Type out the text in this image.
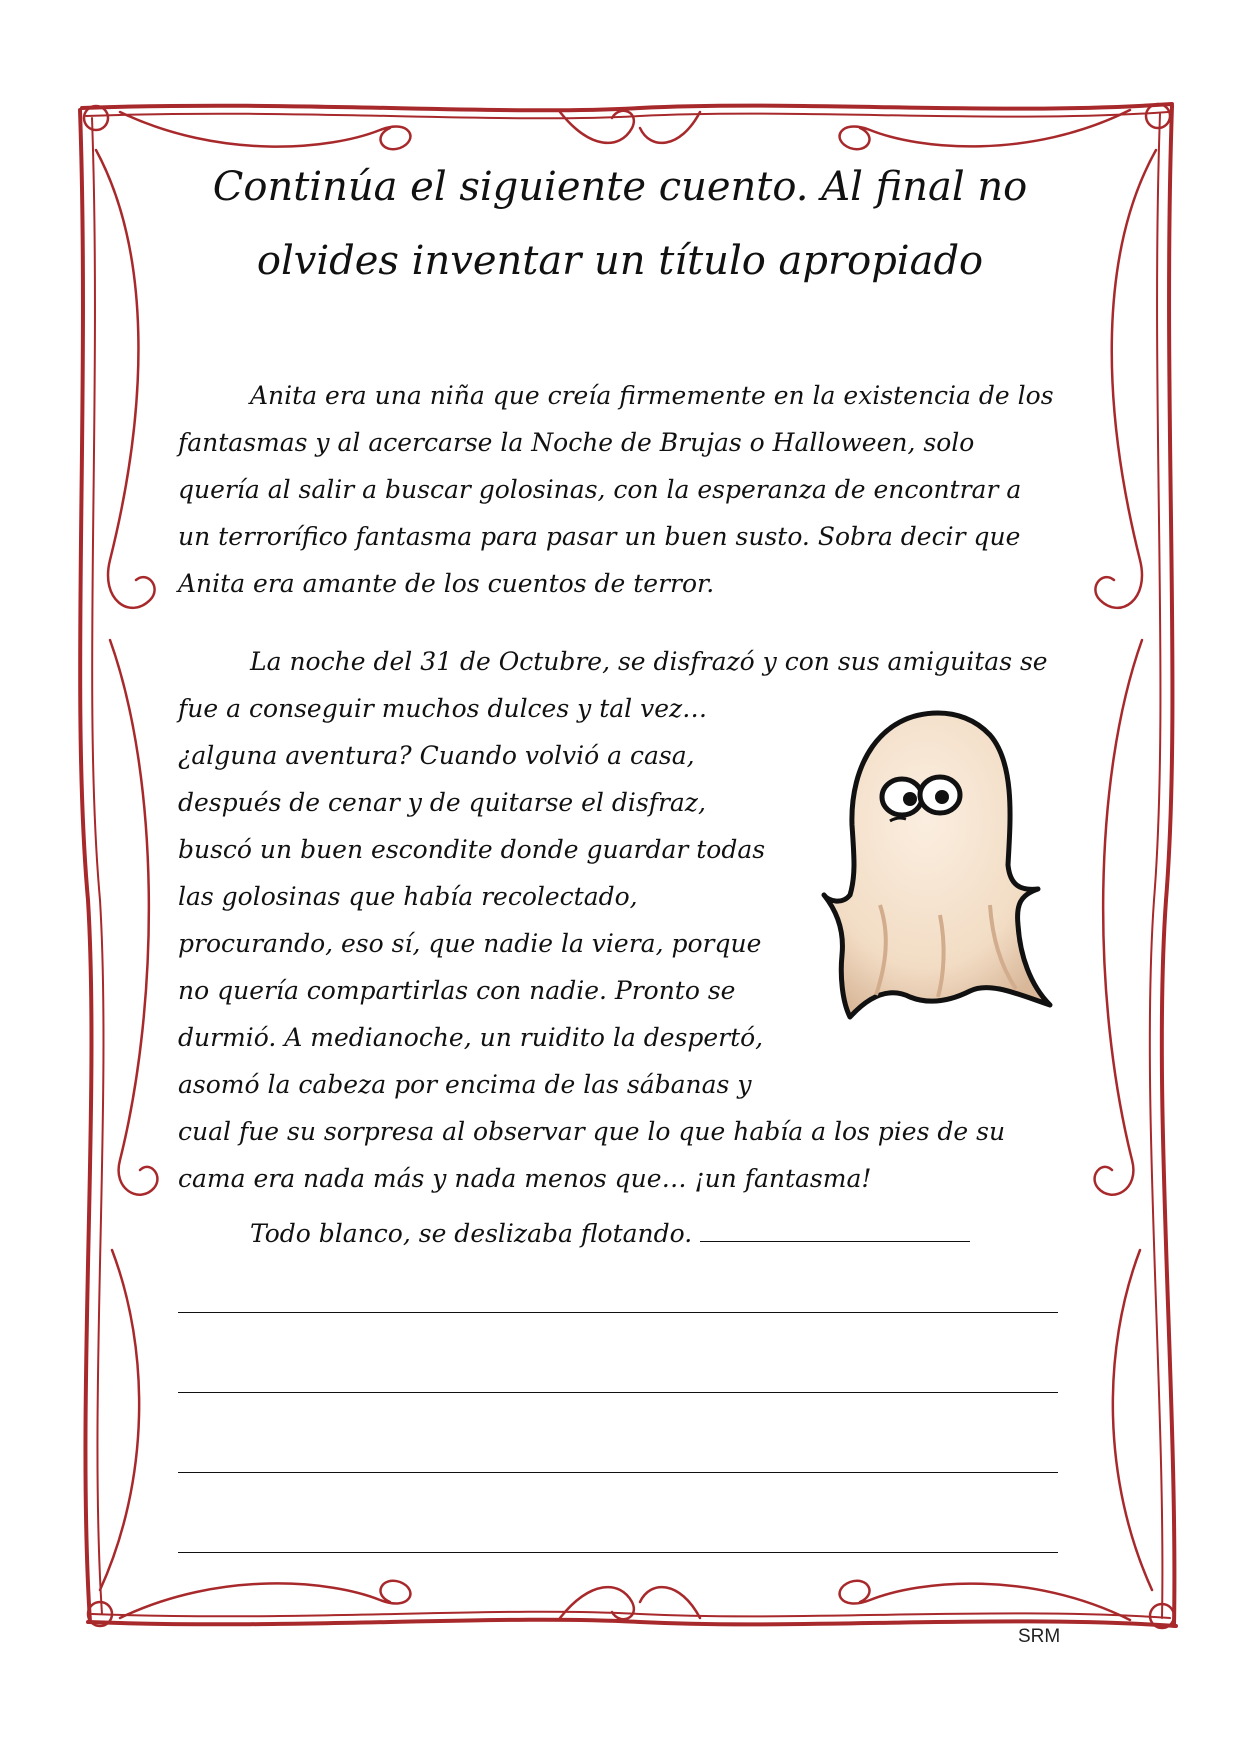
Continúa el siguiente cuento. Al final no olvides inventar un título apropiado

Anita era una niña que creía firmemente en la existencia de los fantasmas y al acercarse la Noche de Brujas o Halloween, solo quería al salir a buscar golosinas, con la esperanza de encontrar a un terrorífico fantasma para pasar un buen susto. Sobra decir que Anita era amante de los cuentos de terror.

La noche del 31 de Octubre, se disfrazó y con sus amiguitas se fue a conseguir muchos dulces y tal vez… ¿alguna aventura? Cuando volvió a casa, después de cenar y de quitarse el disfraz, buscó un buen escondite donde guardar todas las golosinas que había recolectado, procurando, eso sí, que nadie la viera, porque no quería compartirlas con nadie. Pronto se durmió. A medianoche, un ruidito la despertó, asomó la cabeza por encima de las sábanas y cual fue su sorpresa al observar que lo que había a los pies de su cama era nada más y nada menos que… ¡un fantasma!

Todo blanco, se deslizaba flotando.

SRM
